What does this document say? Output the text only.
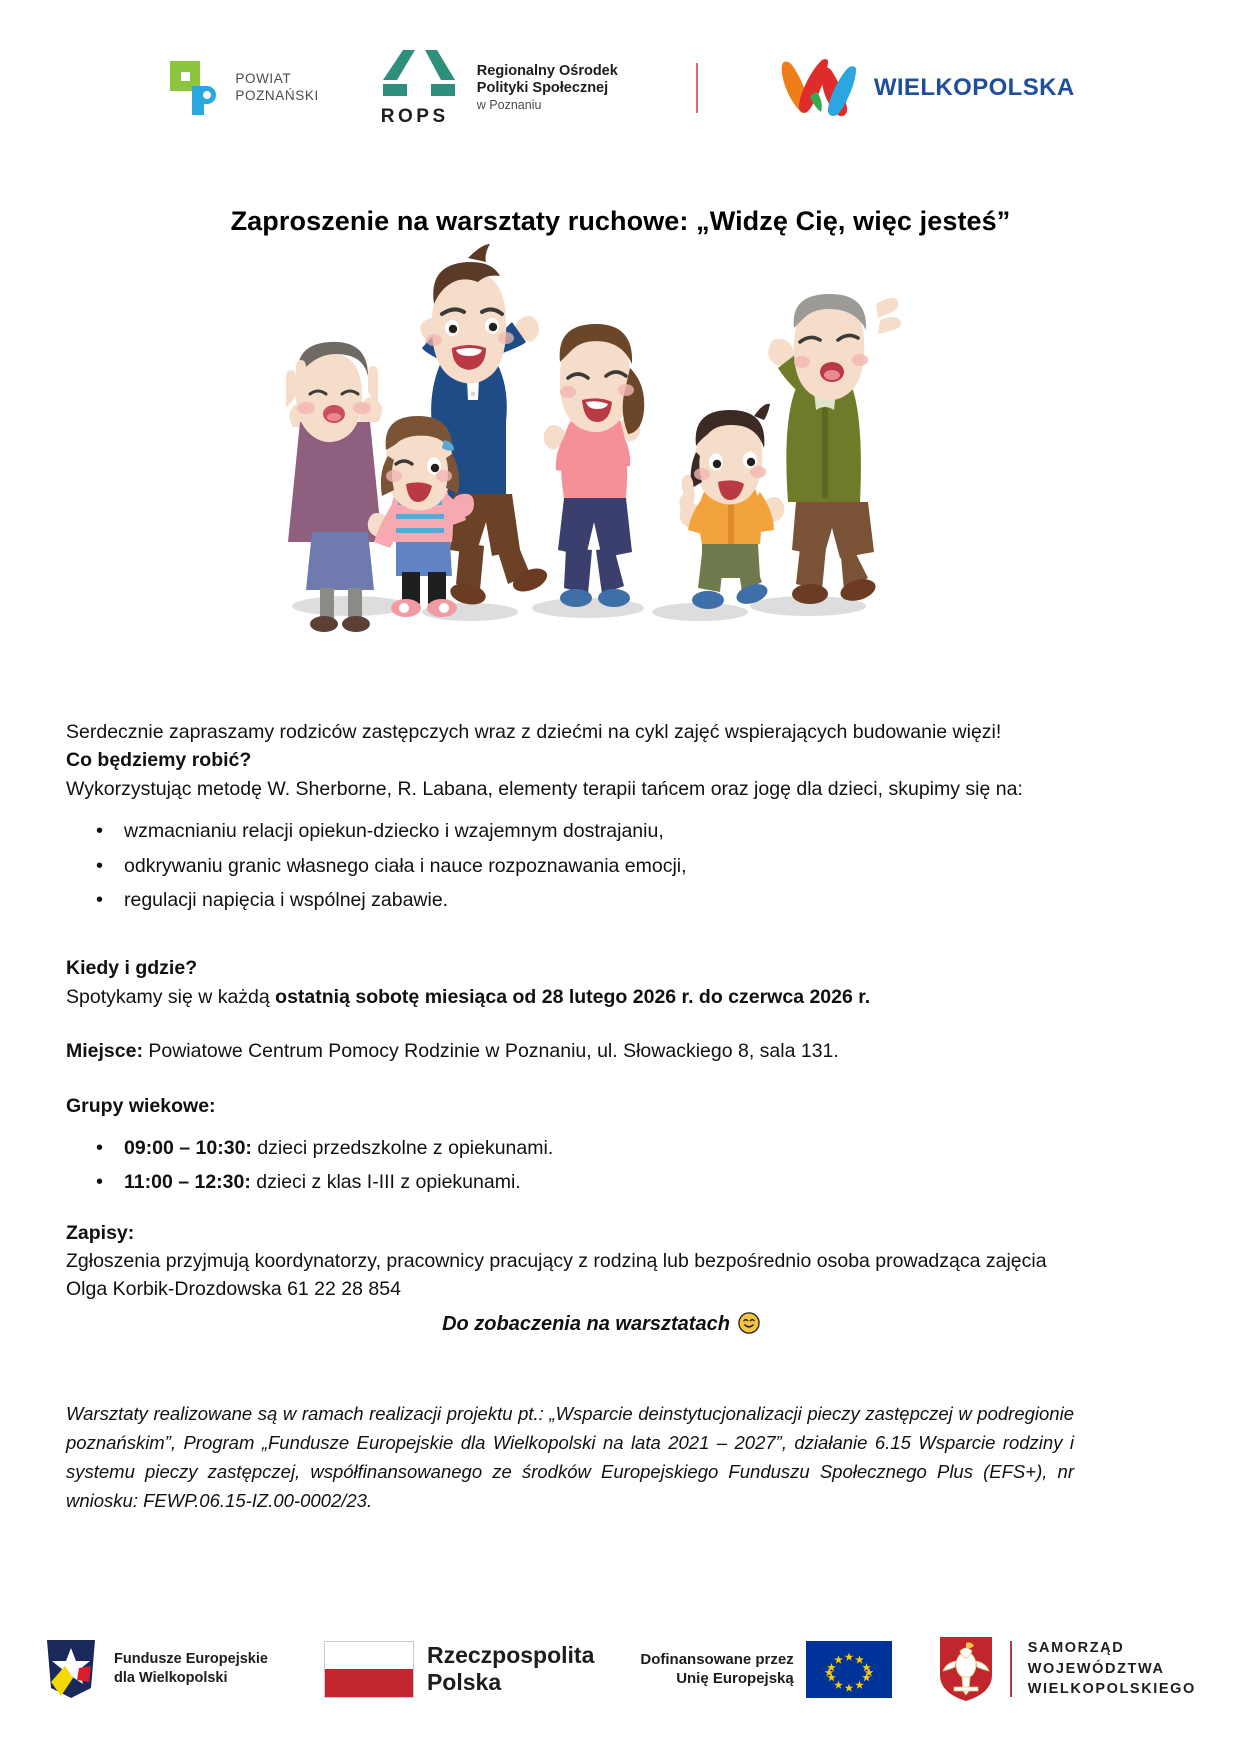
POWIAT
POZNAŃSKI
ROPS
Regionalny Ośrodek
Polityki Społecznej
w Poznaniu
WIELKOPOLSKA
Zaproszenie na warsztaty ruchowe: „Widzę Cię, więc jesteś”

Serdecznie zapraszamy rodziców zastępczych wraz z dziećmi na cykl zajęć wspierających budowanie więzi!

Co będziemy robić?

Wykorzystując metodę W. Sherborne, R. Labana, elementy terapii tańcem oraz jogę dla dzieci, skupimy się na:

• wzmacnianiu relacji opiekun-dziecko i wzajemnym dostrajaniu,
• odkrywaniu granic własnego ciała i nauce rozpoznawania emocji,
• regulacji napięcia i wspólnej zabawie.

Kiedy i gdzie?

Spotykamy się w każdą ostatnią sobotę miesiąca od 28 lutego 2026 r. do czerwca 2026 r.

Miejsce: Powiatowe Centrum Pomocy Rodzinie w Poznaniu, ul. Słowackiego 8, sala 131.

Grupy wiekowe:

• 09:00 – 10:30: dzieci przedszkolne z opiekunami.
• 11:00 – 12:30: dzieci z klas I-III z opiekunami.

Zapisy:

Zgłoszenia przyjmują koordynatorzy, pracownicy pracujący z rodziną lub bezpośrednio osoba prowadząca zajęcia

Olga Korbik-Drozdowska 61 22 28 854

Do zobaczenia na warsztatach
Warsztaty realizowane są w ramach realizacji projektu pt.: „Wsparcie deinstytucjonalizacji pieczy zastępczej w podregionie poznańskim”, Program „Fundusze Europejskie dla Wielkopolski na lata 2021 – 2027”, działanie 6.15 Wsparcie rodziny i systemu pieczy zastępczej, współfinansowanego ze środków Europejskiego Funduszu Społecznego Plus (EFS+), nr wniosku: FEWP.06.15-IZ.00-0002/23.
Fundusze Europejskie
dla Wielkopolski
Rzeczpospolita
Polska
Dofinansowane przez
Unię Europejską
SAMORZĄD
WOJEWÓDZTWA
WIELKOPOLSKIEGO
